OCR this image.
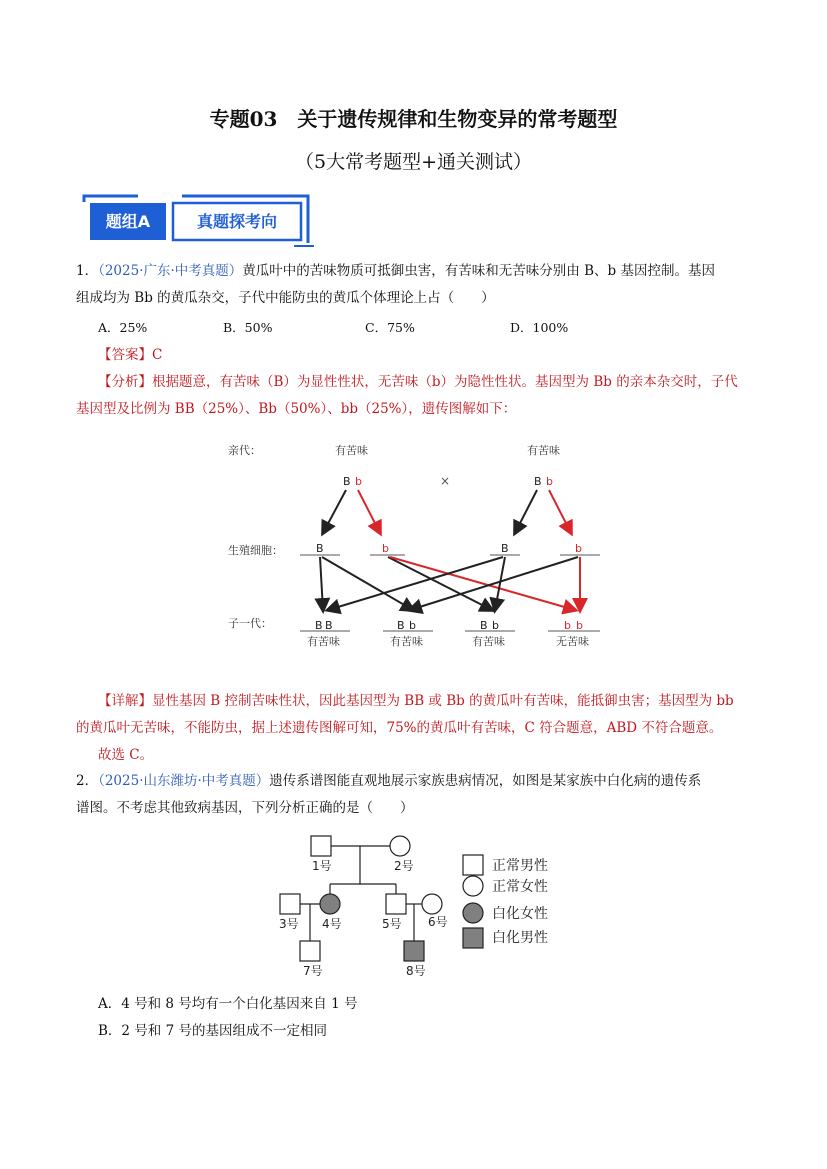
专题03　关于遗传规律和生物变异的常考题型
（5大常考题型+通关测试）
题组A	真题探考向
1．（2025·广东·中考真题）黄瓜叶中的苦味物质可抵御虫害，有苦味和无苦味分别由 B、b 基因控制。基因
组成均为 Bb 的黄瓜杂交，子代中能防虫的黄瓜个体理论上占（　　）
A．25%	B．50%	C．75%	D．100%
【答案】C
【分析】根据题意，有苦味（B）为显性性状，无苦味（b）为隐性性状。基因型为 Bb 的亲本杂交时，子代
基因型及比例为 BB（25%）、Bb（50%）、bb（25%），遗传图解如下：
亲代：
生殖细胞：
子一代：
有苦味	有苦味
B b	×	B b
B	b	B	b
B B
有苦味
B b
有苦味
B b
有苦味
b b
无苦味
【详解】显性基因 B 控制苦味性状，因此基因型为 BB 或 Bb 的黄瓜叶有苦味，能抵御虫害；基因型为 bb
的黄瓜叶无苦味，不能防虫，据上述遗传图解可知，75%的黄瓜叶有苦味，C 符合题意，ABD 不符合题意。
故选 C。
2．（2025·山东潍坊·中考真题）遗传系谱图能直观地展示家族患病情况，如图是某家族中白化病的遗传系
谱图。不考虑其他致病基因，下列分析正确的是（　　）
1号	2号
3号 4号	5号 6号
7号	8号
正常男性
正常女性
白化女性
白化男性
A．4 号和 8 号均有一个白化基因来自 1 号
B．2 号和 7 号的基因组成不一定相同
